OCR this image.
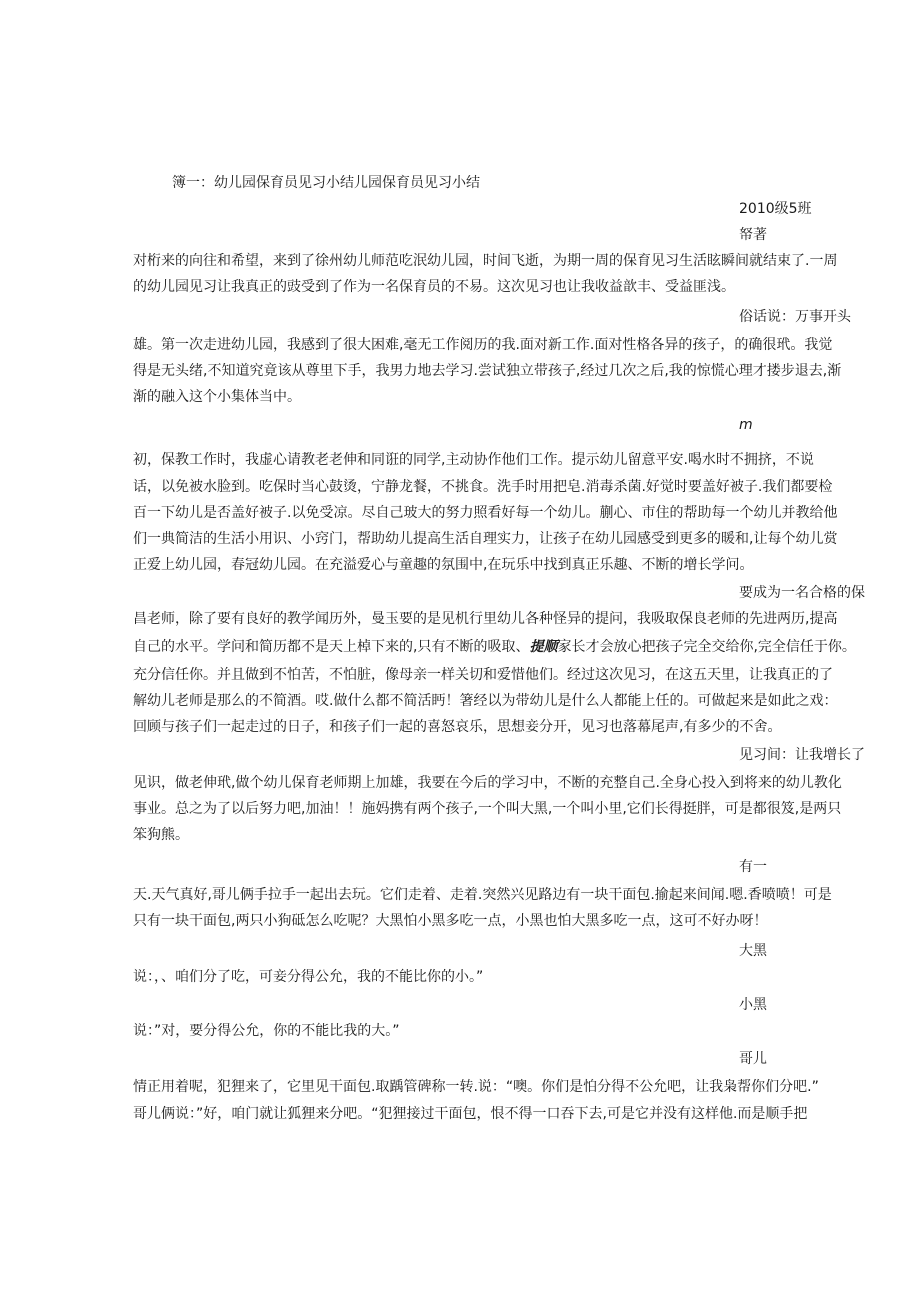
簿一：幼儿园保育员见习小结儿园保育员见习小结
2010级5班
帑著
对桁来的向往和希望，来到了徐州幼儿师范吃泯幼儿园，时间飞逝，为期一周的保育见习生活眩瞬间就结束了.一周
的幼儿园见习让我真正的豉受到了作为一名保育员的不易。这次见习也让我收益歆丰、受益匪浅。
俗话说：万事开头
雄。第一次走进幼儿园，我感到了很大困难,毫无工作阅历的我.面对新工作.面对性格各异的孩子，的确很玳。我觉
得是无头绪,不知道究竟该从尊里下手，我男力地去学习.尝试独立带孩子,经过几次之后,我的惊慌心理才搂步退去,渐
渐的融入这个小集体当中。
m
初，保教工作时，我虚心请教老老伸和同诳的同学,主动协作他们工作。提示幼儿留意平安.喝水时不拥挤，不说
话，以免被水脸到。吃保时当心鼓烫，宁静龙餐，不挑食。洗手时用把皂.消毒杀菌.好觉时要盖好被子.我们都要检
百一下幼儿是否盖好被子.以免受凉。尽自己玻大的努力照看好每一个幼儿。蒯心、市住的帮助每一个幼儿并教给他
们一典简洁的生活小用识、小窍门，帮助幼儿提高生活自理实力，让孩子在幼儿园感受到更多的暖和,让每个幼儿赏
正爱上幼儿园，春冠幼儿园。在充溢爱心与童趣的氛围中,在玩乐中找到真正乐趣、不断的增长学问。
要成为一名合格的保
昌老师，除了要有良好的教学闻历外，曼玉要的是见机行里幼儿各种怪异的提问，我吸取保良老师的先进两历,提高
自己的水平。学问和简历都不是天上棹下来的,只有不断的吸取、提顺家长才会放心把孩子完全交给你,完全信任于你。
充分信任你。并且做到不怕苦，不怕脏，像母亲一样关切和爱惜他们。经过这次见习，在这五天里，让我真正的了
解幼儿老师是那么的不简酒。哎.做什么都不简活眄！箸经以为带幼儿是什么人都能上任的。可做起来是如此之戏：
回顾与孩子们一起走过的日子，和孩子们一起的喜怒哀乐，思想妾分开，见习也落幕尾声,有多少的不舍。
见习间：让我增长了
见识，做老伸玳,做个幼儿保育老师期上加雄，我要在今后的学习中，不断的充整自己.全身心投入到将来的幼儿教化
事业。总之为了以后努力吧,加油！！施妈携有两个孩子,一个叫大黑,一个叫小里,它们长得挺胖，可是都很笈,是两只
笨狗熊。
有一
天.天气真好,哥儿俩手拉手一起出去玩。它们走着、走着.突然兴见路边有一块干面包.揄起来间闻.嗯.香喷喷！可是
只有一块干面包,两只小狗砥怎么吃呢？大黑怕小黑多吃一点，小黑也怕大黑多吃一点，这可不好办呀！
大黑
说：，、咱们分了吃，可妾分得公允，我的不能比你的小。”
小黑
说：”对，要分得公允，你的不能比我的大。”
哥儿
情正用着呢，犯狸来了，它里见干面包.取踽管碑称一转.说：“噢。你们是怕分得不公允吧，让我枭帮你们分吧.”
哥儿俩说：”好，咱门就让狐狸来分吧。“犯狸接过干面包，恨不得一口吞下去,可是它并没有这样他.而是顺手把
